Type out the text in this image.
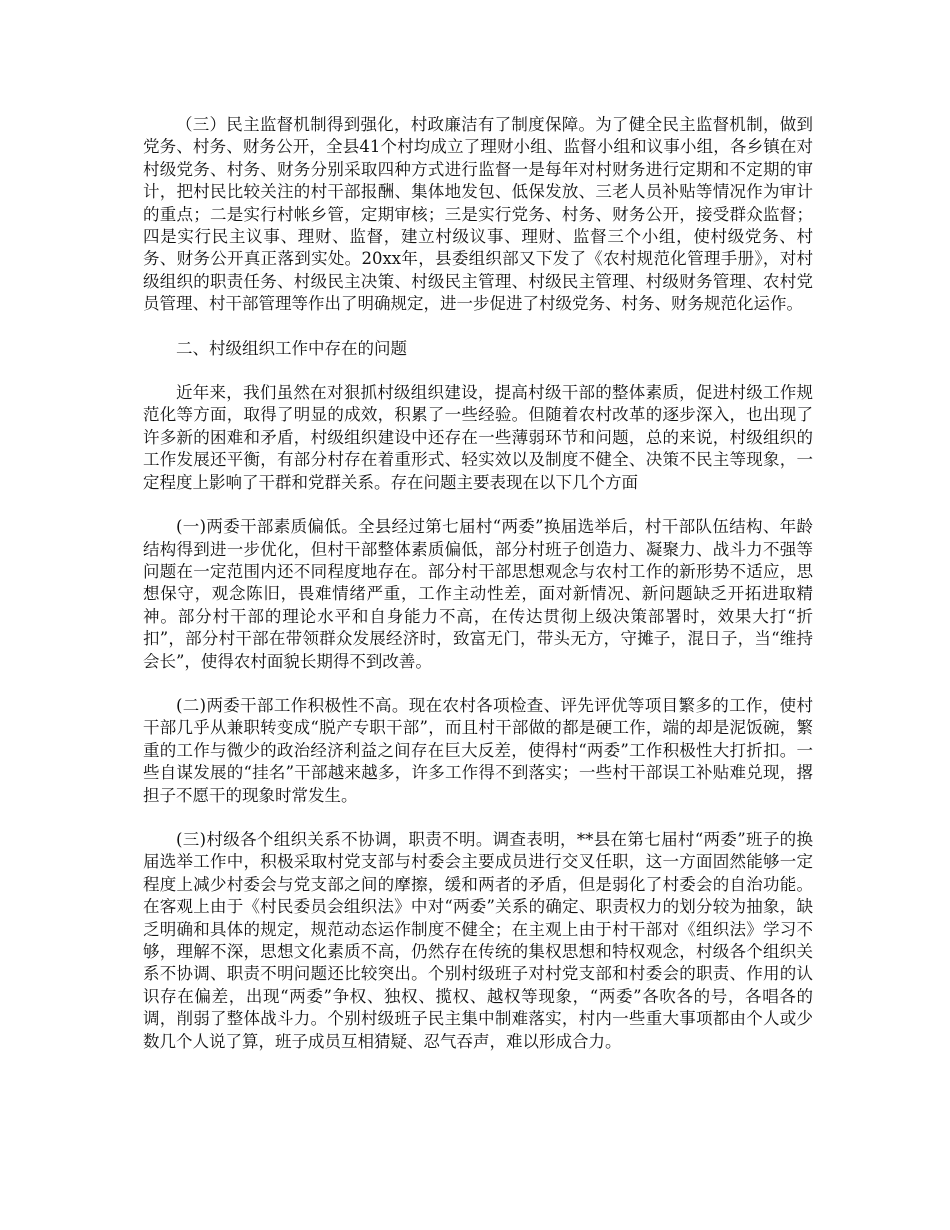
（三）民主监督机制得到强化，村政廉洁有了制度保障。为了健全民主监督机制，做到党务、村务、财务公开，全县41个村均成立了理财小组、监督小组和议事小组，各乡镇在对村级党务、村务、财务分别采取四种方式进行监督一是每年对村财务进行定期和不定期的审计，把村民比较关注的村干部报酬、集体地发包、低保发放、三老人员补贴等情况作为审计的重点；二是实行村帐乡管，定期审核；三是实行党务、村务、财务公开，接受群众监督；四是实行民主议事、理财、监督，建立村级议事、理财、监督三个小组，使村级党务、村务、财务公开真正落到实处。20xx年，县委组织部又下发了《农村规范化管理手册》，对村级组织的职责任务、村级民主决策、村级民主管理、村级民主管理、村级财务管理、农村党员管理、村干部管理等作出了明确规定，进一步促进了村级党务、村务、财务规范化运作。

二、村级组织工作中存在的问题

近年来，我们虽然在对狠抓村级组织建设，提高村级干部的整体素质，促进村级工作规范化等方面，取得了明显的成效，积累了一些经验。但随着农村改革的逐步深入，也出现了许多新的困难和矛盾，村级组织建设中还存在一些薄弱环节和问题，总的来说，村级组织的工作发展还平衡，有部分村存在着重形式、轻实效以及制度不健全、决策不民主等现象，一定程度上影响了干群和党群关系。存在问题主要表现在以下几个方面

(一)两委干部素质偏低。全县经过第七届村“两委”换届选举后，村干部队伍结构、年龄结构得到进一步优化，但村干部整体素质偏低，部分村班子创造力、凝聚力、战斗力不强等问题在一定范围内还不同程度地存在。部分村干部思想观念与农村工作的新形势不适应，思想保守，观念陈旧，畏难情绪严重，工作主动性差，面对新情况、新问题缺乏开拓进取精神。部分村干部的理论水平和自身能力不高，在传达贯彻上级决策部署时，效果大打“折扣”，部分村干部在带领群众发展经济时，致富无门，带头无方，守摊子，混日子，当“维持会长”，使得农村面貌长期得不到改善。

(二)两委干部工作积极性不高。现在农村各项检查、评先评优等项目繁多的工作，使村干部几乎从兼职转变成“脱产专职干部”，而且村干部做的都是硬工作，端的却是泥饭碗，繁重的工作与微少的政治经济利益之间存在巨大反差，使得村“两委”工作积极性大打折扣。一些自谋发展的“挂名”干部越来越多，许多工作得不到落实；一些村干部误工补贴难兑现，撂担子不愿干的现象时常发生。

(三)村级各个组织关系不协调，职责不明。调查表明，**县在第七届村“两委”班子的换届选举工作中，积极采取村党支部与村委会主要成员进行交叉任职，这一方面固然能够一定程度上减少村委会与党支部之间的摩擦，缓和两者的矛盾，但是弱化了村委会的自治功能。在客观上由于《村民委员会组织法》中对“两委”关系的确定、职责权力的划分较为抽象，缺乏明确和具体的规定，规范动态运作制度不健全；在主观上由于村干部对《组织法》学习不够，理解不深，思想文化素质不高，仍然存在传统的集权思想和特权观念，村级各个组织关系不协调、职责不明问题还比较突出。个别村级班子对村党支部和村委会的职责、作用的认识存在偏差，出现“两委”争权、独权、揽权、越权等现象，“两委”各吹各的号，各唱各的调，削弱了整体战斗力。个别村级班子民主集中制难落实，村内一些重大事项都由个人或少数几个人说了算，班子成员互相猜疑、忍气吞声，难以形成合力。
